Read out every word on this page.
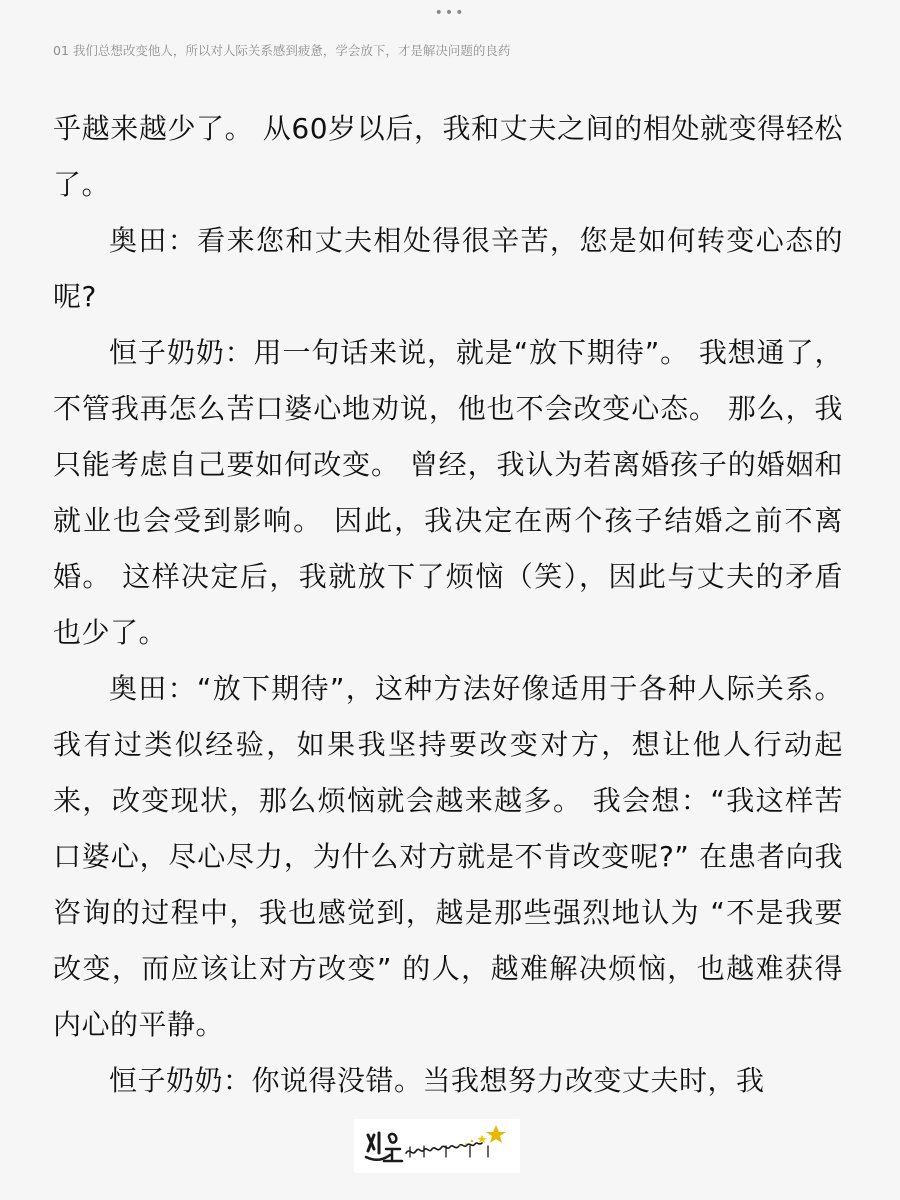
•••
01 我们总想改变他人，所以对人际关系感到疲惫，学会放下，才是解决问题的良药

乎越来越少了。 从60岁以后，我和丈夫之间的相处就变得轻松了。

奥田：看来您和丈夫相处得很辛苦，您是如何转变心态的呢?

恒子奶奶：用一句话来说，就是“放下期待”。 我想通了，不管我再怎么苦口婆心地劝说，他也不会改变心态。 那么，我只能考虑自己要如何改变。 曾经，我认为若离婚孩子的婚姻和就业也会受到影响。 因此，我决定在两个孩子结婚之前不离婚。 这样决定后，我就放下了烦恼（笑），因此与丈夫的矛盾也少了。

奥田：“放下期待”，这种方法好像适用于各种人际关系。 我有过类似经验，如果我坚持要改变对方，想让他人行动起来，改变现状，那么烦恼就会越来越多。 我会想：“我这样苦口婆心，尽心尽力，为什么对方就是不肯改变呢?” 在患者向我咨询的过程中，我也感觉到，越是那些强烈地认为 “不是我要改变，而应该让对方改变” 的人，越难解决烦恼，也越难获得内心的平静。

恒子奶奶：你说得没错。当我想努力改变丈夫时，我
